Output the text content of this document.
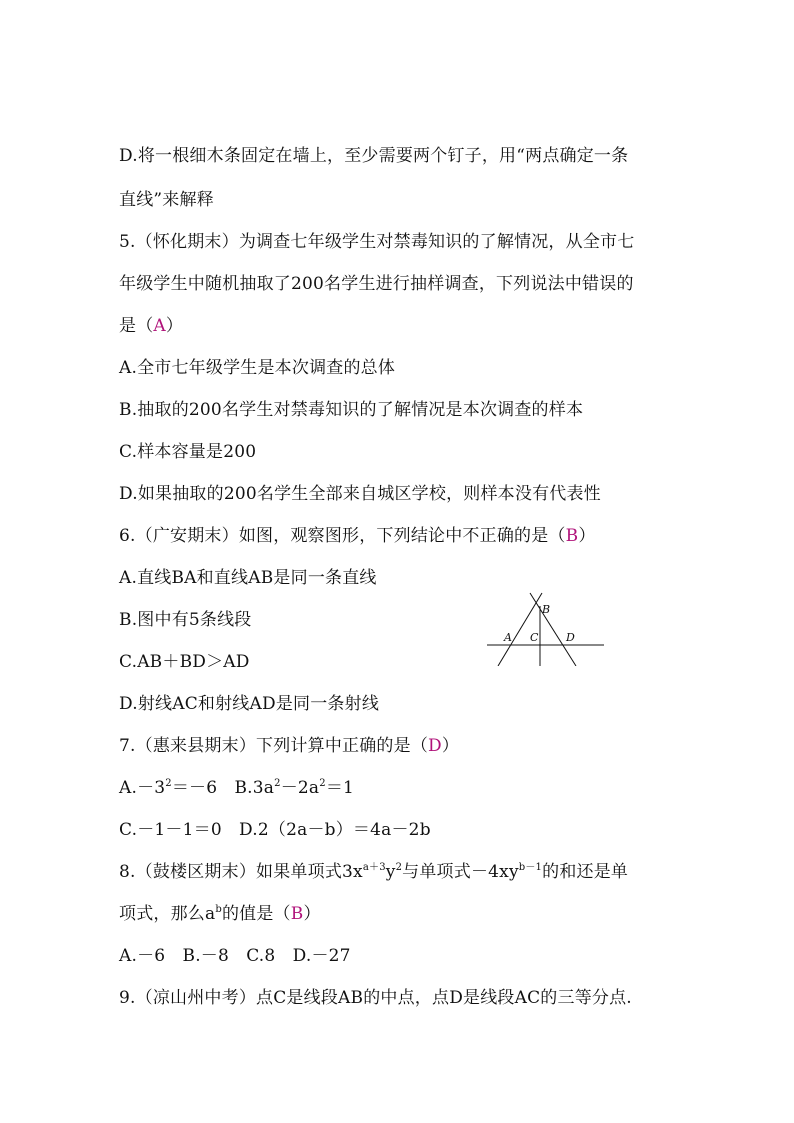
D.将一根细木条固定在墙上，至少需要两个钉子，用“两点确定一条
直线”来解释
5.（怀化期末）为调查七年级学生对禁毒知识的了解情况，从全市七
年级学生中随机抽取了200名学生进行抽样调查，下列说法中错误的
是（A）
A.全市七年级学生是本次调查的总体
B.抽取的200名学生对禁毒知识的了解情况是本次调查的样本
C.样本容量是200
D.如果抽取的200名学生全部来自城区学校，则样本没有代表性
6.（广安期末）如图，观察图形，下列结论中不正确的是（B）
A.直线BA和直线AB是同一条直线
B.图中有5条线段
C.AB＋BD＞AD
D.射线AC和射线AD是同一条射线
B
A C	D
7.（惠来县期末）下列计算中正确的是（D）
$A.-3^2=-6$　$B.3a^2-2a^2=1$
C.－1－1＝0　D.2（2a－b）＝4a－2b
8.（鼓楼区期末）如果单项式$3x^{a+3}y^2$与单项式$-4xy^{b-1}$的和还是单
项式，那么$a^b$的值是（B）
A.－6　B.－8　C.8　D.－27
9.（凉山州中考）点C是线段AB的中点，点D是线段AC的三等分点.
